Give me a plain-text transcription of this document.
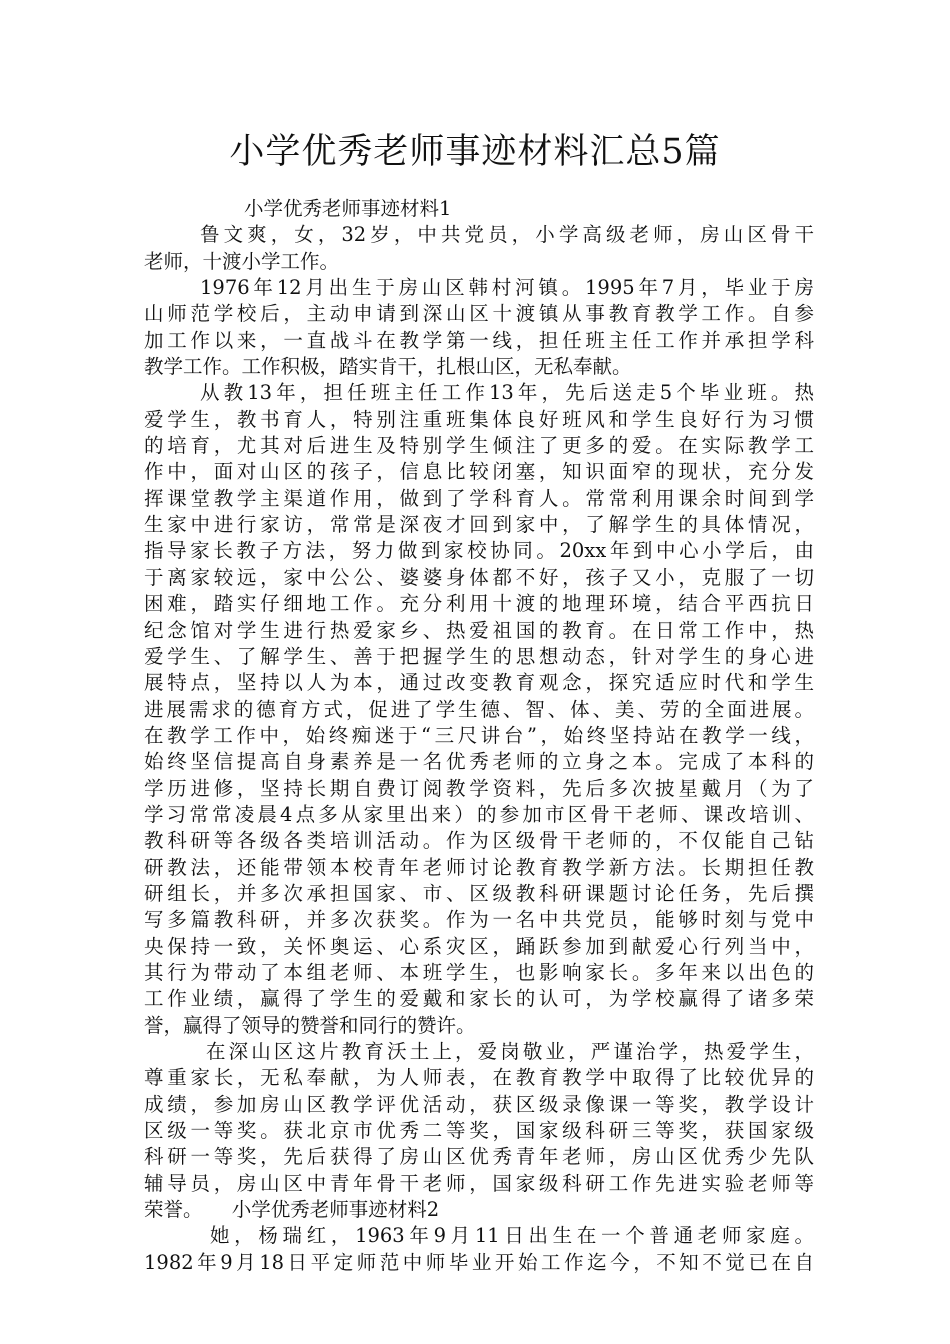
小学优秀老师事迹材料汇总5篇
小学优秀老师事迹材料1
鲁文爽，女，32岁，中共党员，小学高级老师，房山区骨干
老师，十渡小学工作。
1976年12月出生于房山区韩村河镇。1995年7月，毕业于房
山师范学校后，主动申请到深山区十渡镇从事教育教学工作。自参
加工作以来，一直战斗在教学第一线，担任班主任工作并承担学科
教学工作。工作积极，踏实肯干，扎根山区，无私奉献。
从教13年，担任班主任工作13年，先后送走5个毕业班。热
爱学生，教书育人，特别注重班集体良好班风和学生良好行为习惯
的培育，尤其对后进生及特别学生倾注了更多的爱。在实际教学工
作中，面对山区的孩子，信息比较闭塞，知识面窄的现状，充分发
挥课堂教学主渠道作用，做到了学科育人。常常利用课余时间到学
生家中进行家访，常常是深夜才回到家中，了解学生的具体情况，
指导家长教子方法，努力做到家校协同。20xx年到中心小学后，由
于离家较远，家中公公、婆婆身体都不好，孩子又小，克服了一切
困难，踏实仔细地工作。充分利用十渡的地理环境，结合平西抗日
纪念馆对学生进行热爱家乡、热爱祖国的教育。在日常工作中，热
爱学生、了解学生、善于把握学生的思想动态，针对学生的身心进
展特点，坚持以人为本，通过改变教育观念，探究适应时代和学生
进展需求的德育方式，促进了学生德、智、体、美、劳的全面进展。
在教学工作中，始终痴迷于“三尺讲台”，始终坚持站在教学一线，
始终坚信提高自身素养是一名优秀老师的立身之本。完成了本科的
学历进修，坚持长期自费订阅教学资料，先后多次披星戴月（为了
学习常常凌晨4点多从家里出来）的参加市区骨干老师、课改培训、
教科研等各级各类培训活动。作为区级骨干老师的，不仅能自己钻
研教法，还能带领本校青年老师讨论教育教学新方法。长期担任教
研组长，并多次承担国家、市、区级教科研课题讨论任务，先后撰
写多篇教科研，并多次获奖。作为一名中共党员，能够时刻与党中
央保持一致，关怀奥运、心系灾区，踊跃参加到献爱心行列当中，
其行为带动了本组老师、本班学生，也影响家长。多年来以出色的
工作业绩，赢得了学生的爱戴和家长的认可，为学校赢得了诸多荣
誉，赢得了领导的赞誉和同行的赞许。
在深山区这片教育沃土上，爱岗敬业，严谨治学，热爱学生，
尊重家长，无私奉献，为人师表，在教育教学中取得了比较优异的
成绩，参加房山区教学评优活动，获区级录像课一等奖，教学设计
区级一等奖。获北京市优秀二等奖，国家级科研三等奖，获国家级
科研一等奖，先后获得了房山区优秀青年老师，房山区优秀少先队
辅导员，房山区中青年骨干老师，国家级科研工作先进实验老师等
荣誉。　　小学优秀老师事迹材料2
她，杨瑞红，1963年9月11日出生在一个普通老师家庭。
1982年9月18日平定师范中师毕业开始工作迄今，不知不觉已在自
